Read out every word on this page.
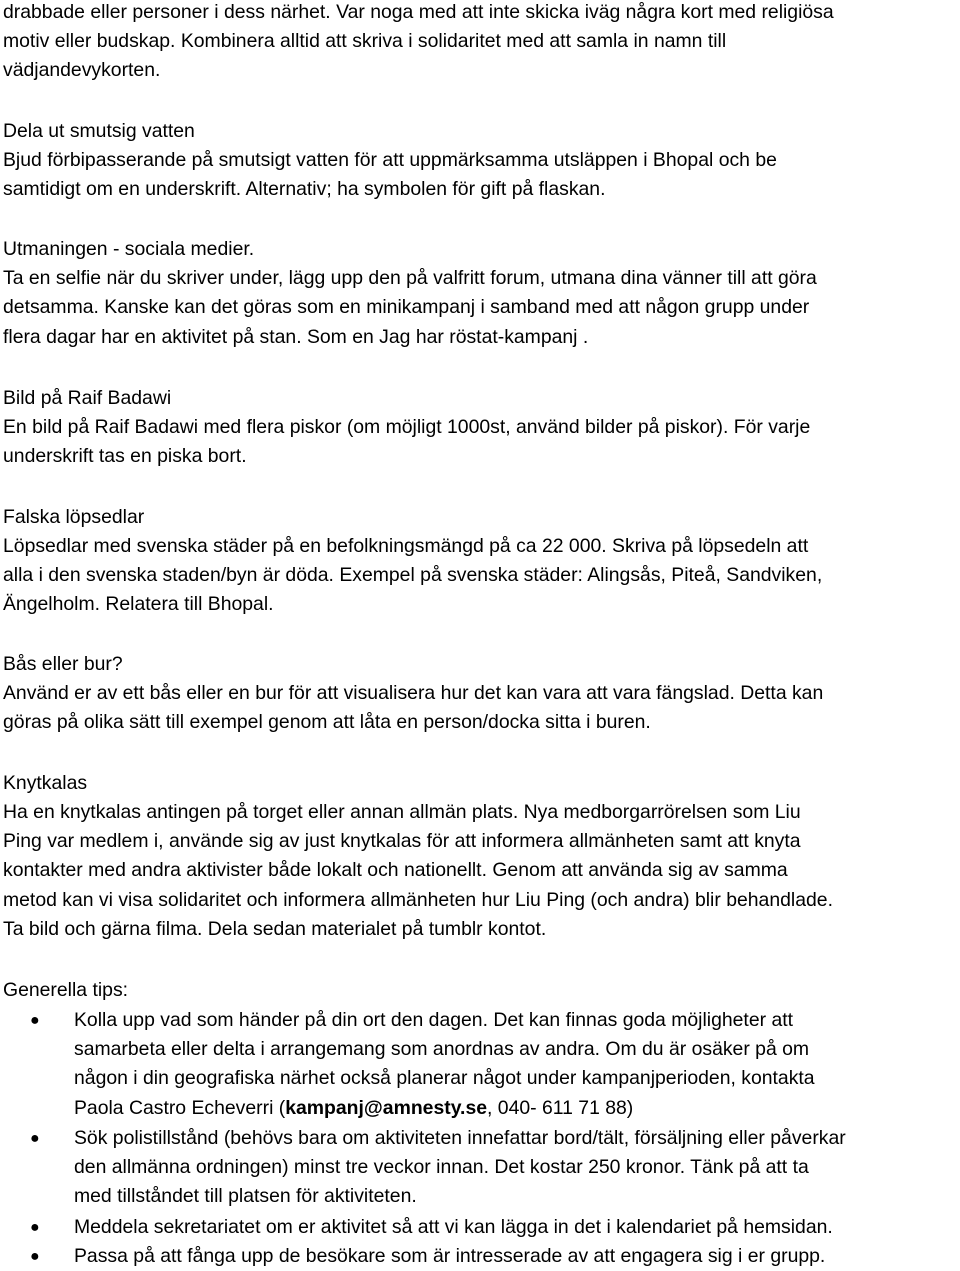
drabbade eller personer i dess närhet. Var noga med att inte skicka iväg några kort med religiösa
motiv eller budskap. Kombinera alltid att skriva i solidaritet med att samla in namn till
vädjandevykorten.
Dela ut smutsig vatten
Bjud förbipasserande på smutsigt vatten för att uppmärksamma utsläppen i Bhopal och be
samtidigt om en underskrift. Alternativ; ha symbolen för gift på flaskan.
Utmaningen - sociala medier.
Ta en selfie när du skriver under, lägg upp den på valfritt forum, utmana dina vänner till att göra
detsamma. Kanske kan det göras som en minikampanj i samband med att någon grupp under
flera dagar har en aktivitet på stan. Som en Jag har röstat-kampanj .
Bild på Raif Badawi
En bild på Raif Badawi med flera piskor (om möjligt 1000st, använd bilder på piskor). För varje
underskrift tas en piska bort.
Falska löpsedlar
Löpsedlar med svenska städer på en befolkningsmängd på ca 22 000. Skriva på löpsedeln att
alla i den svenska staden/byn är döda. Exempel på svenska städer: Alingsås, Piteå, Sandviken,
Ängelholm. Relatera till Bhopal.
Bås eller bur?
Använd er av ett bås eller en bur för att visualisera hur det kan vara att vara fängslad. Detta kan
göras på olika sätt till exempel genom att låta en person/docka sitta i buren.
Knytkalas
Ha en knytkalas antingen på torget eller annan allmän plats. Nya medborgarrörelsen som Liu
Ping var medlem i, använde sig av just knytkalas för att informera allmänheten samt att knyta
kontakter med andra aktivister både lokalt och nationellt. Genom att använda sig av samma
metod kan vi visa solidaritet och informera allmänheten hur Liu Ping (och andra) blir behandlade.
Ta bild och gärna filma. Dela sedan materialet på tumblr kontot.
Generella tips:
● Kolla upp vad som händer på din ort den dagen. Det kan finnas goda möjligheter att
samarbeta eller delta i arrangemang som anordnas av andra. Om du är osäker på om
någon i din geografiska närhet också planerar något under kampanjperioden, kontakta
Paola Castro Echeverri (kampanj@amnesty.se, 040- 611 71 88)
● Sök polistillstånd (behövs bara om aktiviteten innefattar bord/tält, försäljning eller påverkar
den allmänna ordningen) minst tre veckor innan. Det kostar 250 kronor. Tänk på att ta
med tillståndet till platsen för aktiviteten.
● Meddela sekretariatet om er aktivitet så att vi kan lägga in det i kalendariet på hemsidan.
● Passa på att fånga upp de besökare som är intresserade av att engagera sig i er grupp.
